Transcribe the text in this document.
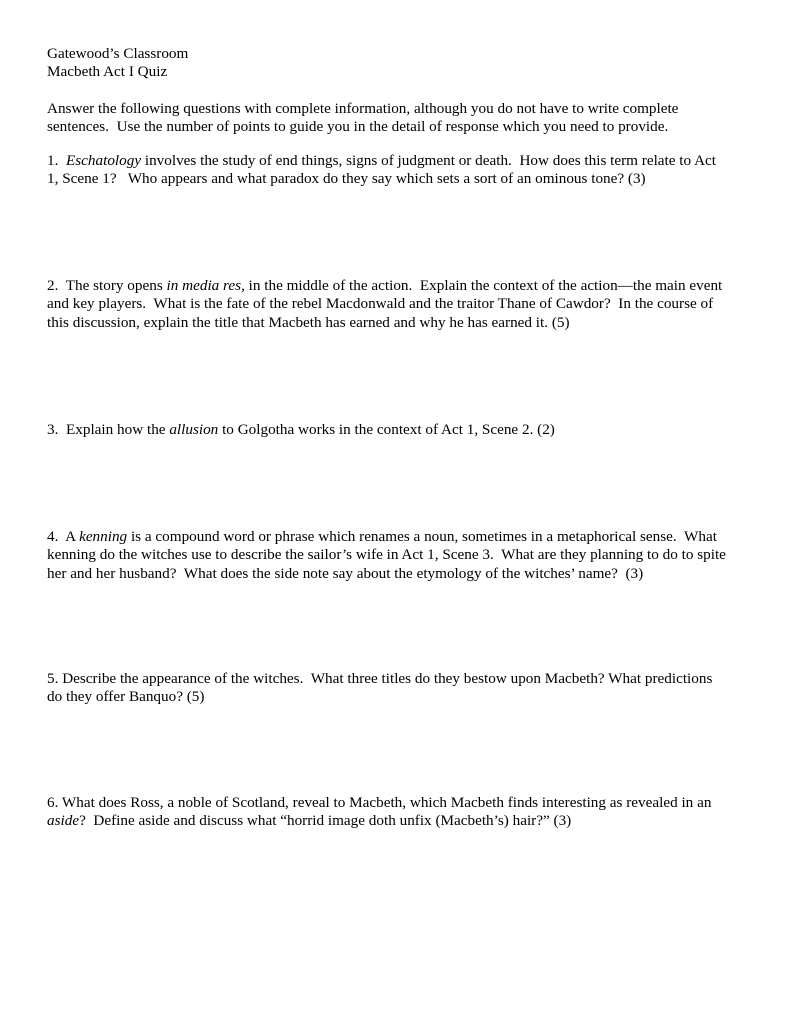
Gatewood’s Classroom
Macbeth Act I Quiz
Answer the following questions with complete information, although you do not have to write complete
sentences.  Use the number of points to guide you in the detail of response which you need to provide.
1.  Eschatology involves the study of end things, signs of judgment or death.  How does this term relate to Act
1, Scene 1?   Who appears and what paradox do they say which sets a sort of an ominous tone? (3)
2.  The story opens in media res, in the middle of the action.  Explain the context of the action—the main event
and key players.  What is the fate of the rebel Macdonwald and the traitor Thane of Cawdor?  In the course of
this discussion, explain the title that Macbeth has earned and why he has earned it. (5)
3.  Explain how the allusion to Golgotha works in the context of Act 1, Scene 2. (2)
4.  A kenning is a compound word or phrase which renames a noun, sometimes in a metaphorical sense.  What
kenning do the witches use to describe the sailor’s wife in Act 1, Scene 3.  What are they planning to do to spite
her and her husband?  What does the side note say about the etymology of the witches’ name?  (3)
5. Describe the appearance of the witches.  What three titles do they bestow upon Macbeth? What predictions
do they offer Banquo? (5)
6. What does Ross, a noble of Scotland, reveal to Macbeth, which Macbeth finds interesting as revealed in an
aside?  Define aside and discuss what “horrid image doth unfix (Macbeth’s) hair?” (3)
